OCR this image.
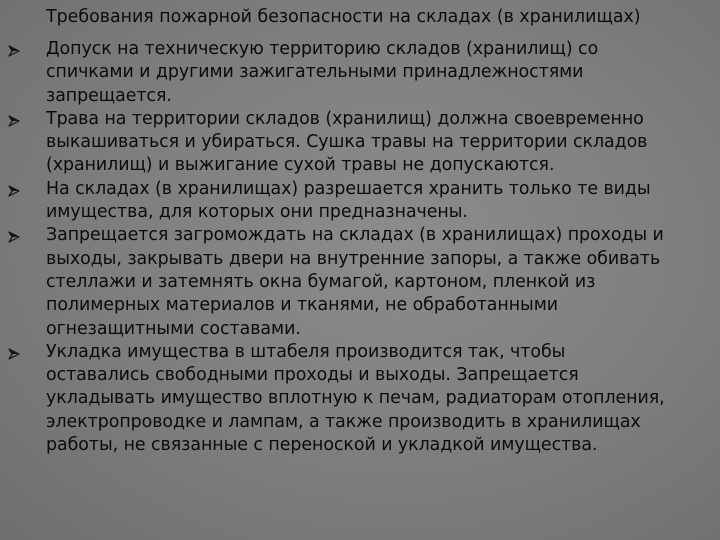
Требования пожарной безопасности на складах (в хранилищах)
Допуск на техническую территорию складов (хранилищ) со
спичками и другими зажигательными принадлежностями
запрещается.
Трава на территории складов (хранилищ) должна своевременно
выкашиваться и убираться. Сушка травы на территории складов
(хранилищ) и выжигание сухой травы не допускаются.
На складах (в хранилищах) разрешается хранить только те виды
имущества, для которых они предназначены.
Запрещается загромождать на складах (в хранилищах) проходы и
выходы, закрывать двери на внутренние запоры, а также обивать
стеллажи и затемнять окна бумагой, картоном, пленкой из
полимерных материалов и тканями, не обработанными
огнезащитными составами.
Укладка имущества в штабеля производится так, чтобы
оставались свободными проходы и выходы. Запрещается
укладывать имущество вплотную к печам, радиаторам отопления,
электропроводке и лампам, а также производить в хранилищах
работы, не связанные с переноской и укладкой имущества.
